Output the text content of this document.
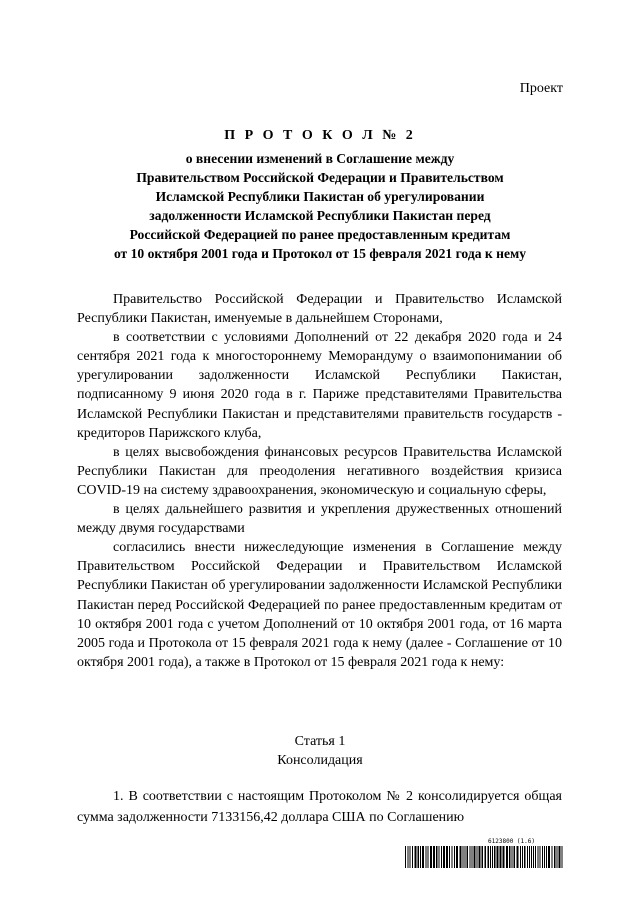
Проект
П Р О Т О К О Л № 2
о внесении изменений в Соглашение между
Правительством Российской Федерации и Правительством
Исламской Республики Пакистан об урегулировании
задолженности Исламской Республики Пакистан перед
Российской Федерацией по ранее предоставленным кредитам
от 10 октября 2001 года и Протокол от 15 февраля 2021 года к нему

Правительство Российской Федерации и Правительство Исламской Республики Пакистан, именуемые в дальнейшем Сторонами,

в соответствии с условиями Дополнений от 22 декабря 2020 года и 24 сентября 2021 года к многостороннему Меморандуму о взаимопонимании об урегулировании задолженности Исламской Республики Пакистан, подписанному 9 июня 2020 года в г. Париже представителями Правительства Исламской Республики Пакистан и представителями правительств государств - кредиторов Парижского клуба,

в целях высвобождения финансовых ресурсов Правительства Исламской Республики Пакистан для преодоления негативного воздействия кризиса COVID-19 на систему здравоохранения, экономическую и социальную сферы,

в целях дальнейшего развития и укрепления дружественных отношений между двумя государствами

согласились внести нижеследующие изменения в Соглашение между Правительством Российской Федерации и Правительством Исламской Республики Пакистан об урегулировании задолженности Исламской Республики Пакистан перед Российской Федерацией по ранее предоставленным кредитам от 10 октября 2001 года с учетом Дополнений от 10 октября 2001 года, от 16 марта 2005 года и Протокола от 15 февраля 2021 года к нему (далее - Соглашение от 10 октября 2001 года), а также в Протокол от 15 февраля 2021 года к нему:

Статья 1
Консолидация

1. В соответствии с настоящим Протоколом № 2 консолидируется общая сумма задолженности 7133156,42 доллара США по Соглашению

6123800 (1.6)
